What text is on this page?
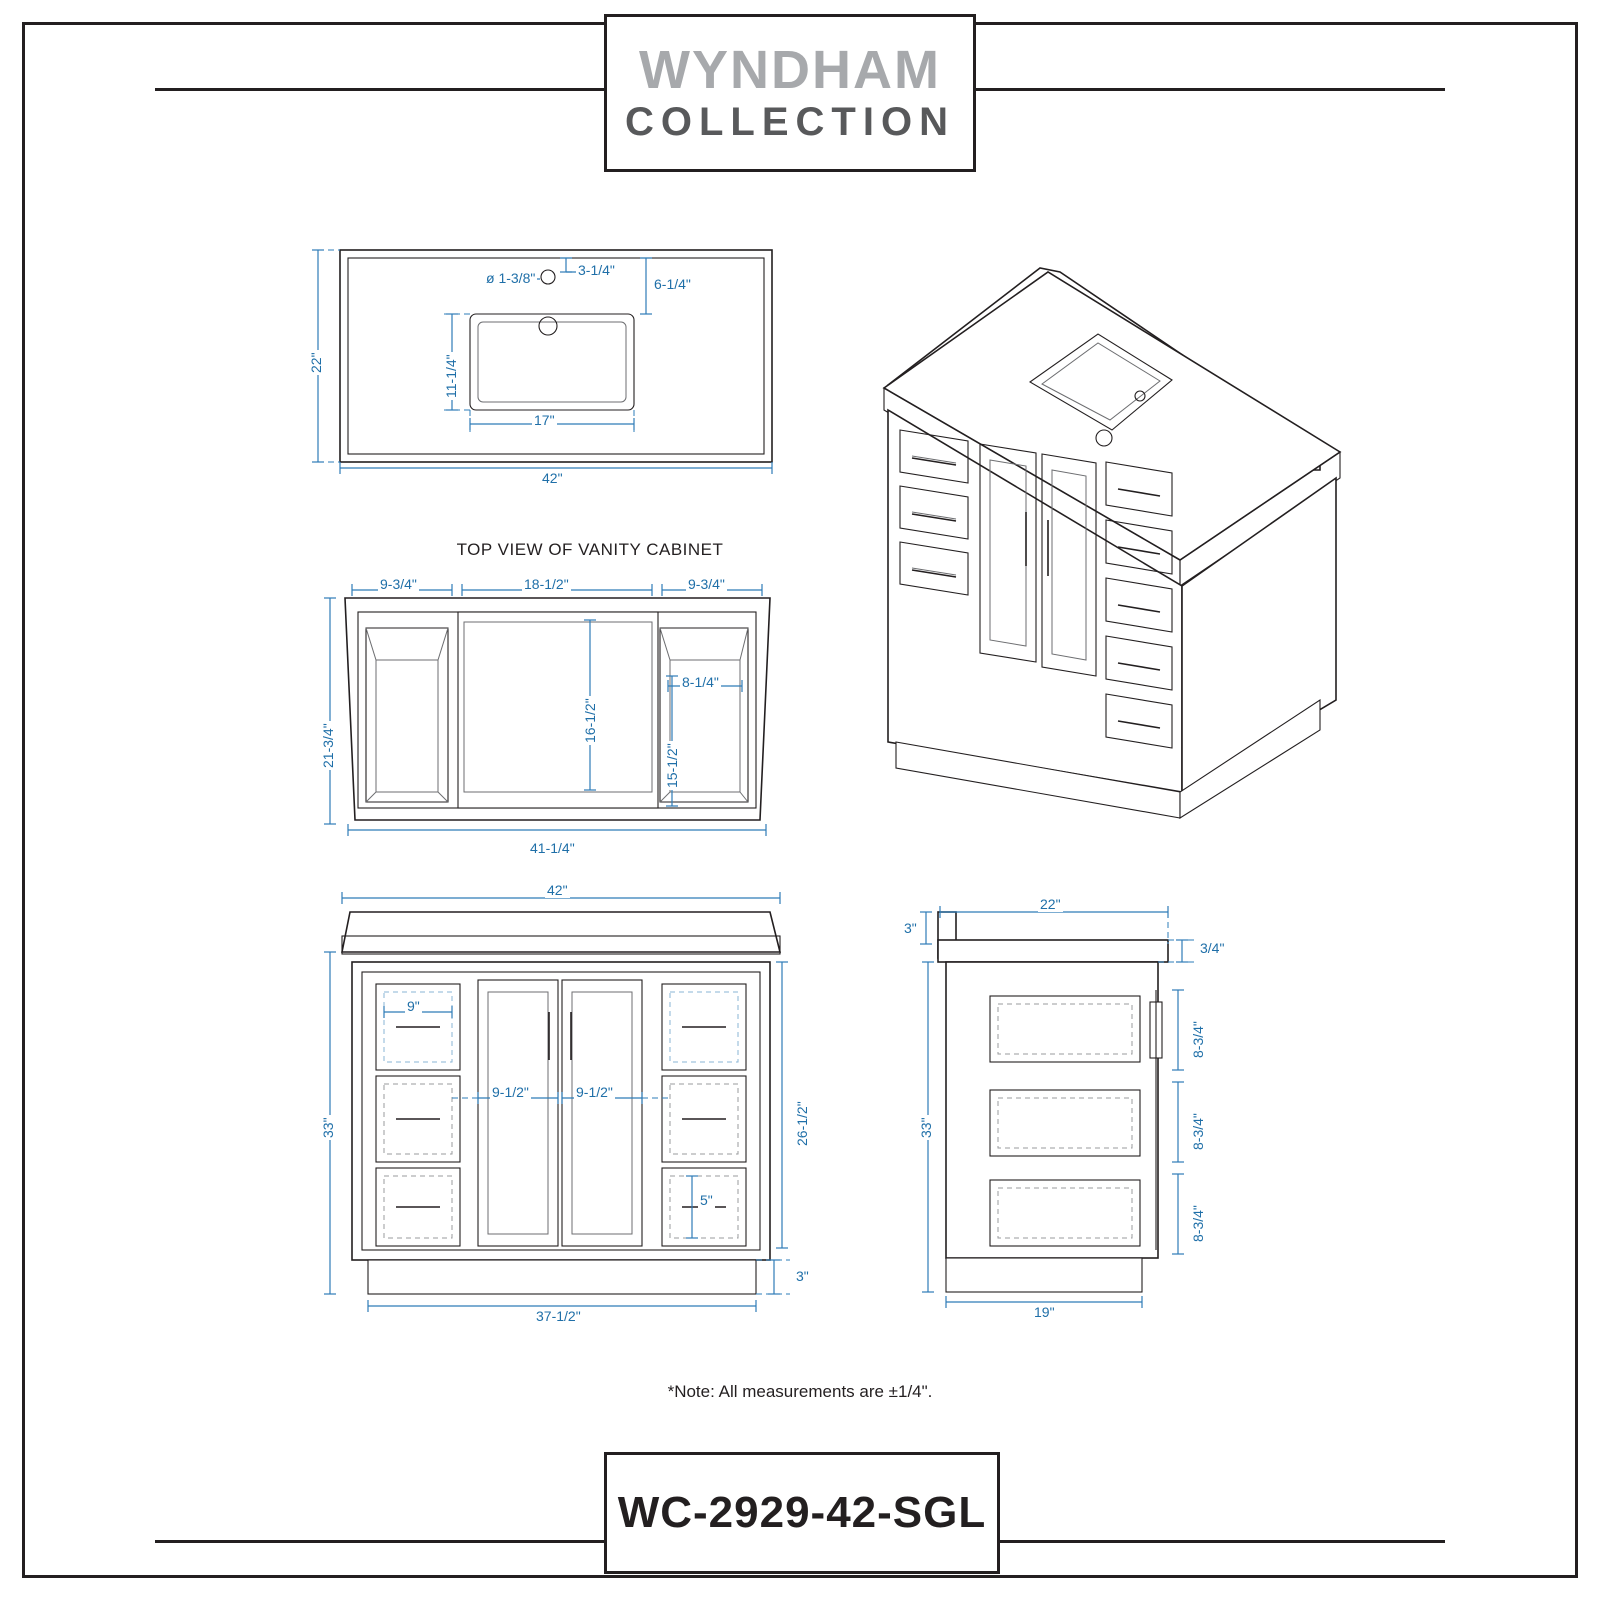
WYNDHAM
COLLECTION
22"
42"
ø 1-3/8"	3-1/4"
6-1/4"
11-1/4"
17"
TOP VIEW OF VANITY CABINET
9-3/4"	18-1/2"	9-3/4"
21-3/4"
16-1/2"
8-1/4"
15-1/2"
41-1/4"
42"
33"	26-1/2"
9"
9-1/2"	9-1/2"
5"
3"
37-1/2"
22"
3"
3/4"
33"
8-3/4"
8-3/4"
8-3/4"
19"
*Note: All measurements are ±1/4".
WC-2929-42-SGL
